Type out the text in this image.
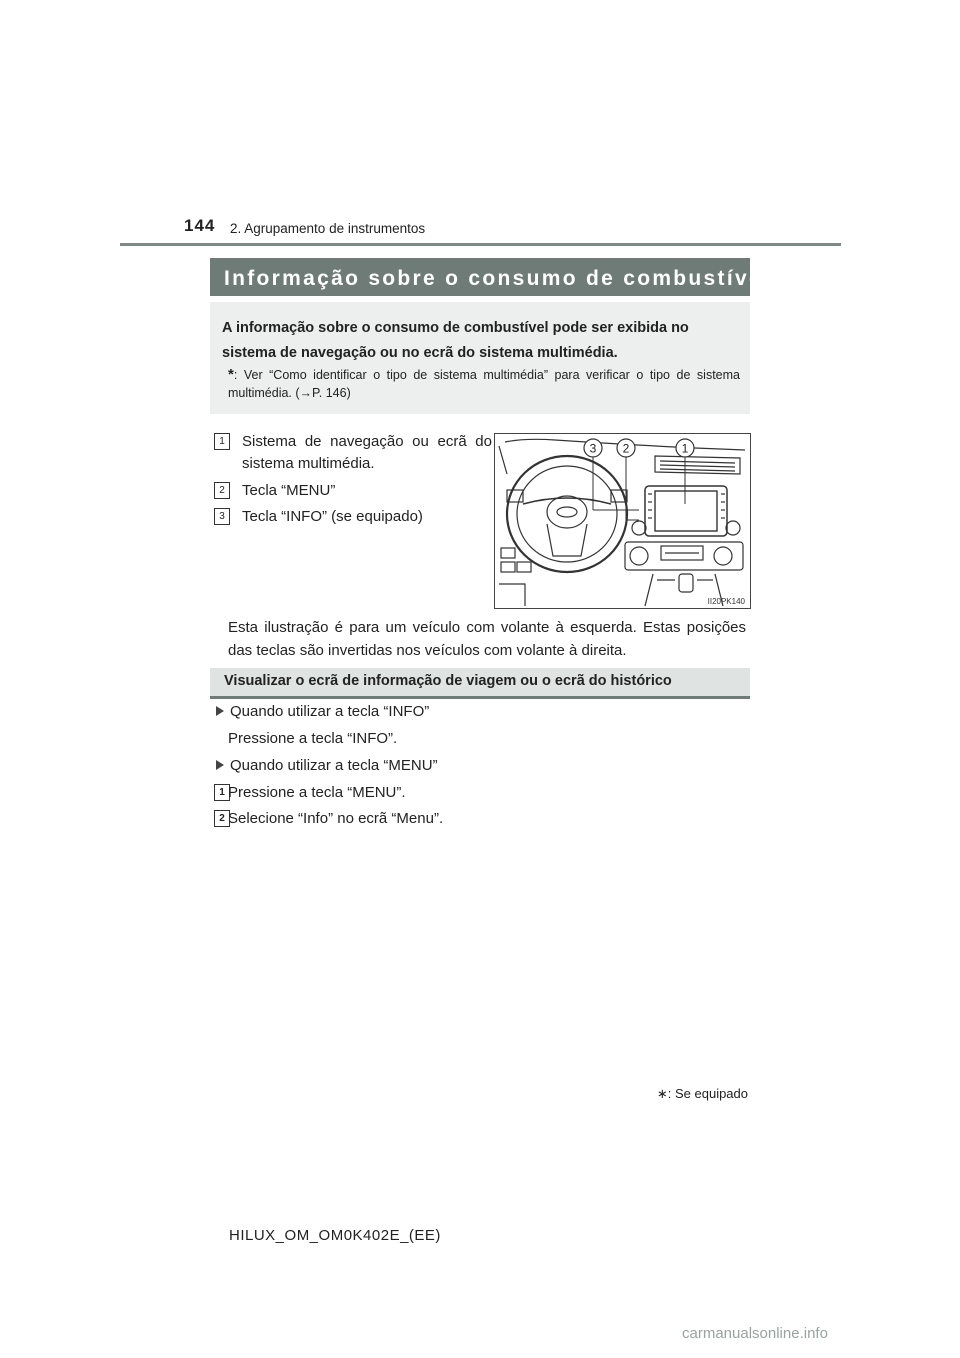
144 2. Agrupamento de instrumentos
Informação sobre o consumo de combustível∗
A informação sobre o consumo de combustível pode ser exibida no sistema de navegação ou no ecrã do sistema multimédia.
*: Ver “Como identificar o tipo de sistema multimédia” para verificar o tipo de sistema multimédia. (→P. 146)
1	Sistema de navegação ou ecrã do sistema multimédia.
2	Tecla “MENU”
3	Tecla “INFO” (se equipado)
3 2	1
II20PK140
Esta ilustração é para um veículo com volante à esquerda. Estas posições das teclas são invertidas nos veículos com volante à direita.
Visualizar o ecrã de informação de viagem ou o ecrã do histórico
Quando utilizar a tecla “INFO”
Pressione a tecla “INFO”.
Quando utilizar a tecla “MENU”
1 Pressione a tecla “MENU”.
2 Selecione “Info” no ecrã “Menu”.
∗: Se equipado
HILUX_OM_OM0K402E_(EE)
carmanualsonline.info
